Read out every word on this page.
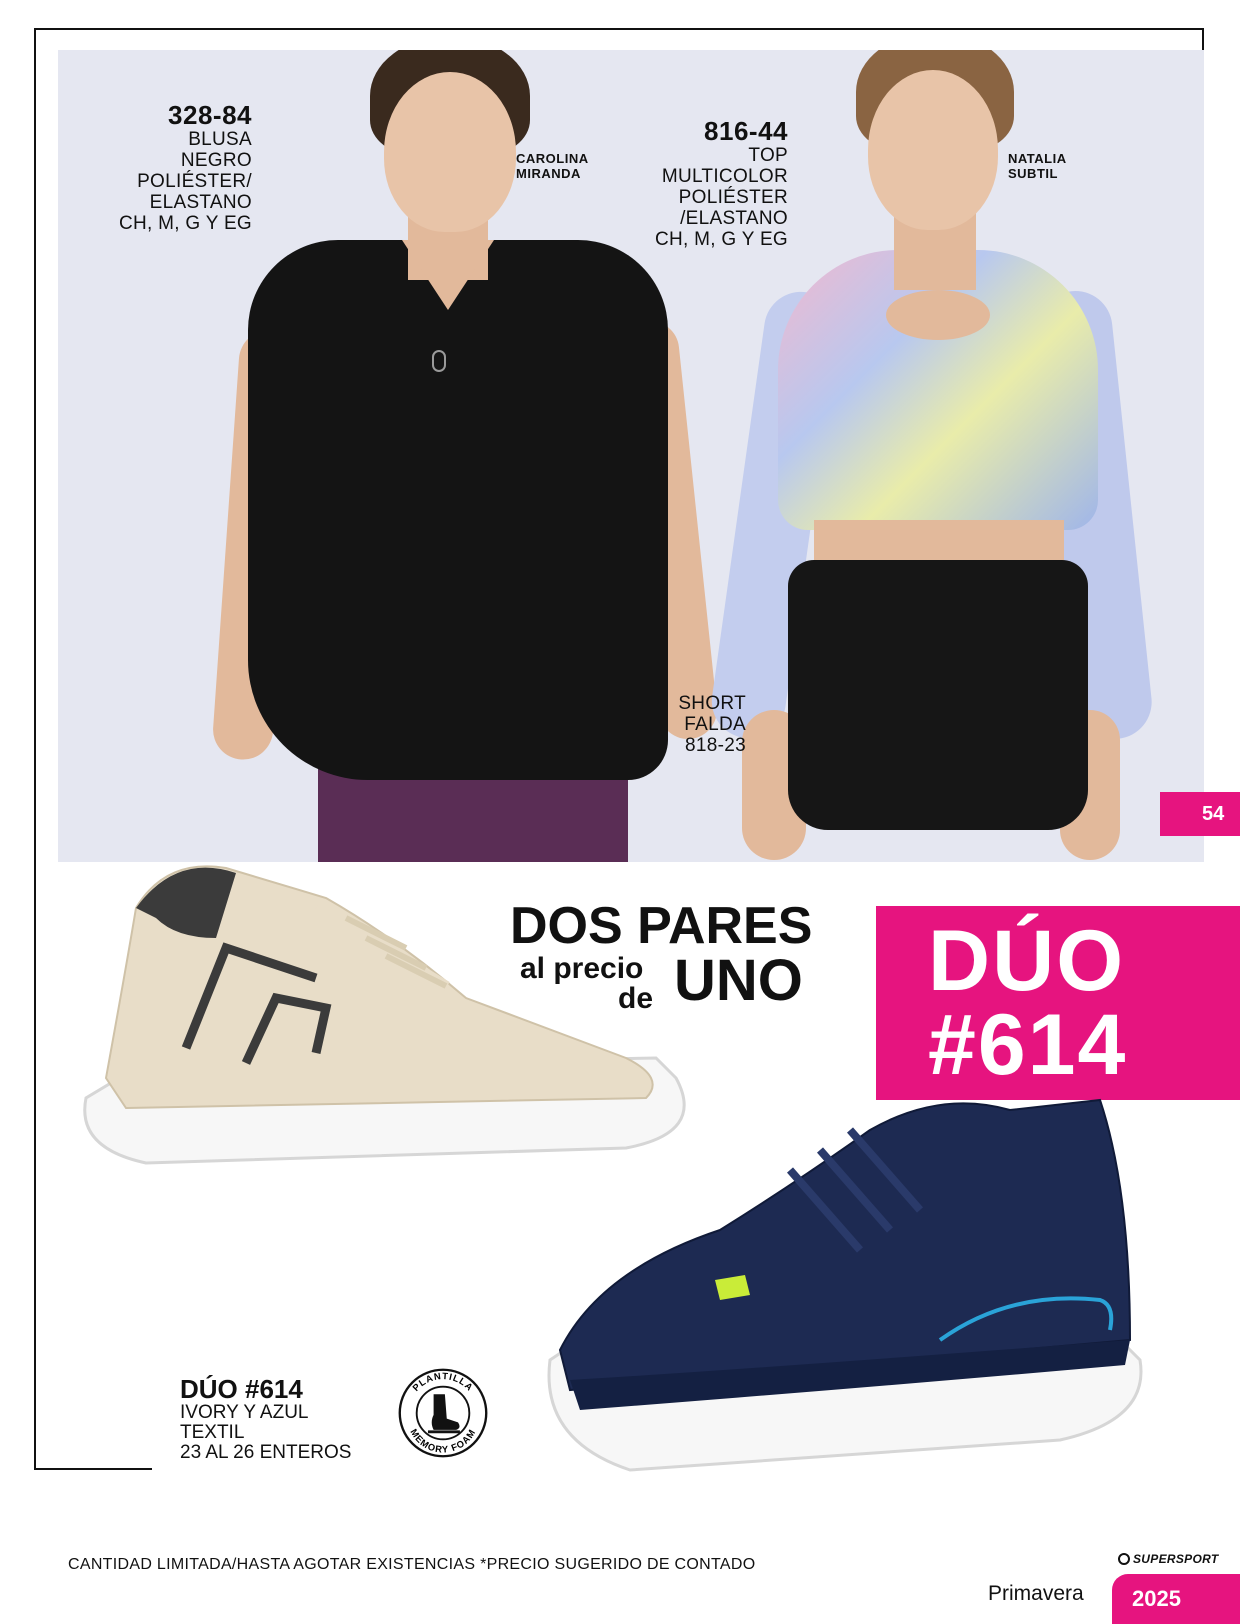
328-84
BLUSA
NEGRO
POLIÉSTER/
ELASTANO
CH, M, G Y EG
CAROLINA
MIRANDA
816-44
TOP
MULTICOLOR
POLIÉSTER
/ELASTANO
CH, M, G Y EG
NATALIA
SUBTIL
SHORT
FALDA
818-23
54
DOS PARES
al precio
de UNO DÚO
#614
DÚO #614
IVORY Y AZUL
TEXTIL
23 AL 26 ENTEROS
PLANTILLA
MEMORY FOAM
CANTIDAD LIMITADA/HASTA AGOTAR EXISTENCIAS *PRECIO SUGERIDO DE CONTADO	SUPERSPORT
Primavera 2025
